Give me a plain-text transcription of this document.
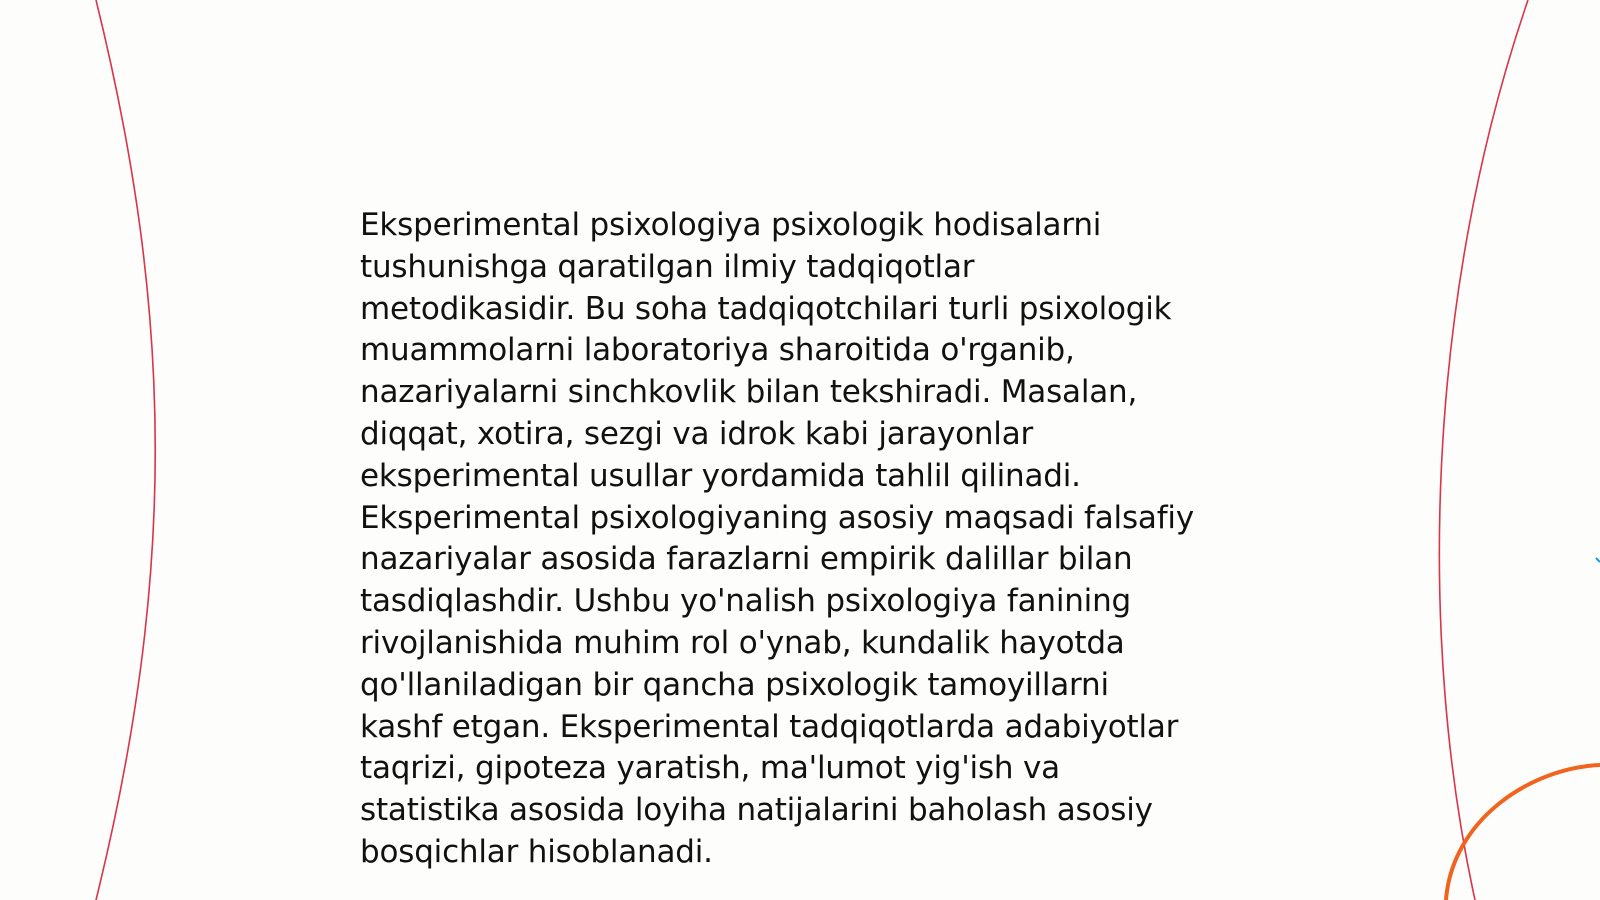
Eksperimental psixologiya psixologik hodisalarni
tushunishga qaratilgan ilmiy tadqiqotlar
metodikasidir. Bu soha tadqiqotchilari turli psixologik
muammolarni laboratoriya sharoitida o'rganib,
nazariyalarni sinchkovlik bilan tekshiradi. Masalan,
diqqat, xotira, sezgi va idrok kabi jarayonlar
eksperimental usullar yordamida tahlil qilinadi.
Eksperimental psixologiyaning asosiy maqsadi falsafiy
nazariyalar asosida farazlarni empirik dalillar bilan
tasdiqlashdir. Ushbu yo'nalish psixologiya fanining
rivojlanishida muhim rol o'ynab, kundalik hayotda
qo'llaniladigan bir qancha psixologik tamoyillarni
kashf etgan. Eksperimental tadqiqotlarda adabiyotlar
taqrizi, gipoteza yaratish, ma'lumot yig'ish va
statistika asosida loyiha natijalarini baholash asosiy
bosqichlar hisoblanadi.
